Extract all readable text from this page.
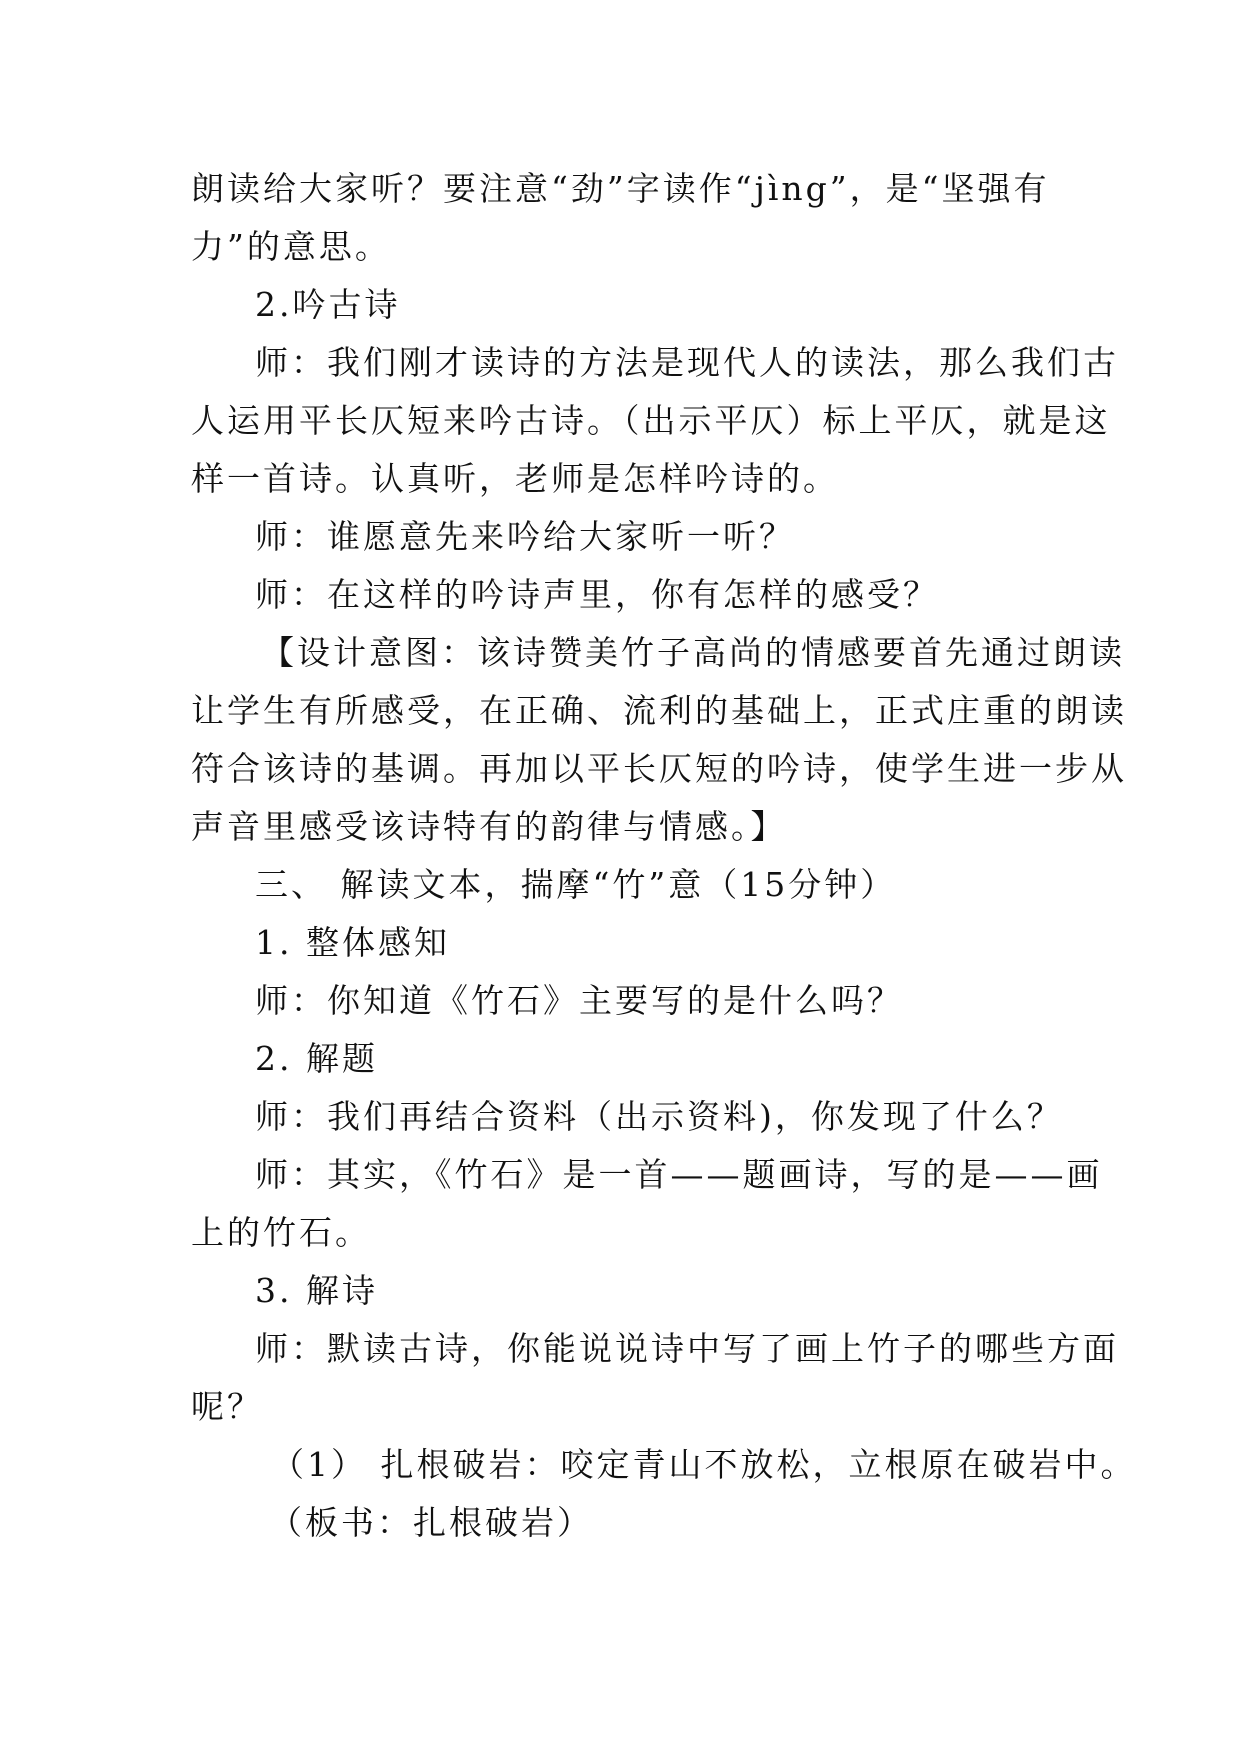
朗读给大家听？要注意“劲”字读作“jìng”，是“坚强有
力”的意思。
2.吟古诗
师：我们刚才读诗的方法是现代人的读法，那么我们古
人运用平长仄短来吟古诗。（出示平仄）标上平仄，就是这
样一首诗。认真听，老师是怎样吟诗的。
师：谁愿意先来吟给大家听一听？
师：在这样的吟诗声里，你有怎样的感受？
【设计意图：该诗赞美竹子高尚的情感要首先通过朗读
让学生有所感受，在正确、流利的基础上，正式庄重的朗读
符合该诗的基调。再加以平长仄短的吟诗，使学生进一步从
声音里感受该诗特有的韵律与情感。】
三、 解读文本，揣摩“竹”意（15分钟）
1. 整体感知
师：你知道《竹石》主要写的是什么吗？
2. 解题
师：我们再结合资料（出示资料)，你发现了什么？
师：其实，《竹石》是一首——题画诗，写的是——画
上的竹石。
3. 解诗
师：默读古诗，你能说说诗中写了画上竹子的哪些方面
呢？
（1） 扎根破岩：咬定青山不放松，立根原在破岩中。
（板书：扎根破岩）
